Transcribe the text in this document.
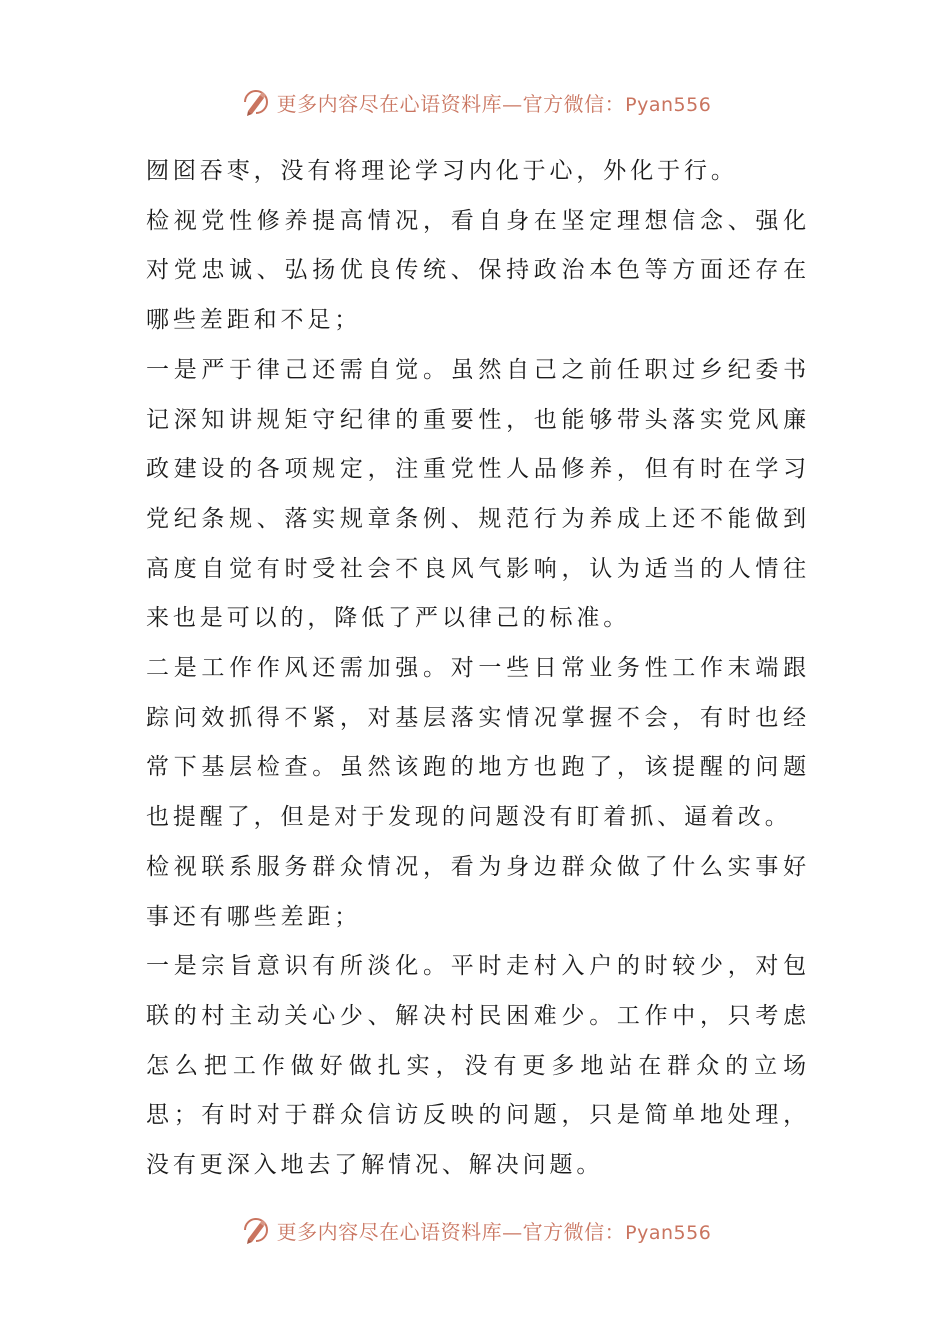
更多内容尽在心语资料库—官方微信：Pyan556

囫囵吞枣，没有将理论学习内化于心，外化于行。

检视党性修养提高情况，看自身在坚定理想信念、强化对党忠诚、弘扬优良传统、保持政治本色等方面还存在哪些差距和不足；

一是严于律己还需自觉。虽然自己之前任职过乡纪委书记深知讲规矩守纪律的重要性，也能够带头落实党风廉政建设的各项规定，注重党性人品修养，但有时在学习党纪条规、落实规章条例、规范行为养成上还不能做到高度自觉有时受社会不良风气影响，认为适当的人情往来也是可以的，降低了严以律己的标准。

二是工作作风还需加强。对一些日常业务性工作末端跟踪问效抓得不紧，对基层落实情况掌握不会，有时也经常下基层检查。虽然该跑的地方也跑了，该提醒的问题也提醒了，但是对于发现的问题没有盯着抓、逼着改。

检视联系服务群众情况，看为身边群众做了什么实事好事还有哪些差距；

一是宗旨意识有所淡化。平时走村入户的时较少，对包联的村主动关心少、解决村民困难少。工作中，只考虑怎么把工作做好做扎实，没有更多地站在群众的立场思；有时对于群众信访反映的问题，只是简单地处理，没有更深入地去了解情况、解决问题。

更多内容尽在心语资料库—官方微信：Pyan556
